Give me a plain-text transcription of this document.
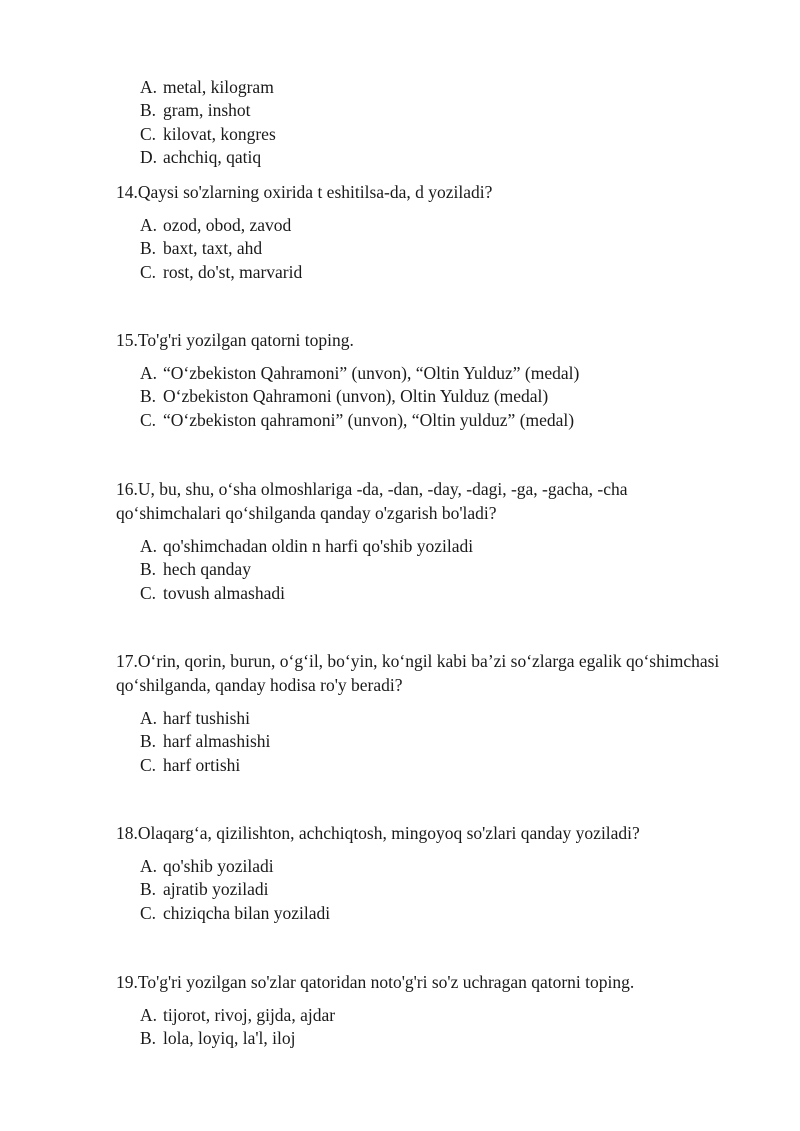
A. metal, kilogram
B. gram, inshot
C. kilovat, kongres
D. achchiq, qatiq

14.Qaysi so'zlarning oxirida t eshitilsa-da, d yoziladi?

A. ozod, obod, zavod
B. baxt, taxt, ahd
C. rost, do'st, marvarid

15.To'g'ri yozilgan qatorni toping.

A. “O‘zbekiston Qahramoni” (unvon), “Oltin Yulduz” (medal)
B. O‘zbekiston Qahramoni (unvon), Oltin Yulduz (medal)
C. “O‘zbekiston qahramoni” (unvon), “Oltin yulduz” (medal)

16.U, bu, shu, o‘sha olmoshlariga -da, -dan, -day, -dagi, -ga, -gacha, -cha qo‘shimchalari qo‘shilganda qanday o'zgarish bo'ladi?

A. qo'shimchadan oldin n harfi qo'shib yoziladi
B. hech qanday
C. tovush almashadi

17.O‘rin, qorin, burun, o‘g‘il, bo‘yin, ko‘ngil kabi ba’zi so‘zlarga egalik qo‘shimchasi qo‘shilganda, qanday hodisa ro'y beradi?

A. harf tushishi
B. harf almashishi
C. harf ortishi

18.Olaqarg‘a, qizilishton, achchiqtosh, mingoyoq so'zlari qanday yoziladi?

A. qo'shib yoziladi
B. ajratib yoziladi
C. chiziqcha bilan yoziladi

19.To'g'ri yozilgan so'zlar qatoridan noto'g'ri so'z uchragan qatorni toping.

A. tijorot, rivoj, gijda, ajdar
B. lola, loyiq, la'l, iloj
